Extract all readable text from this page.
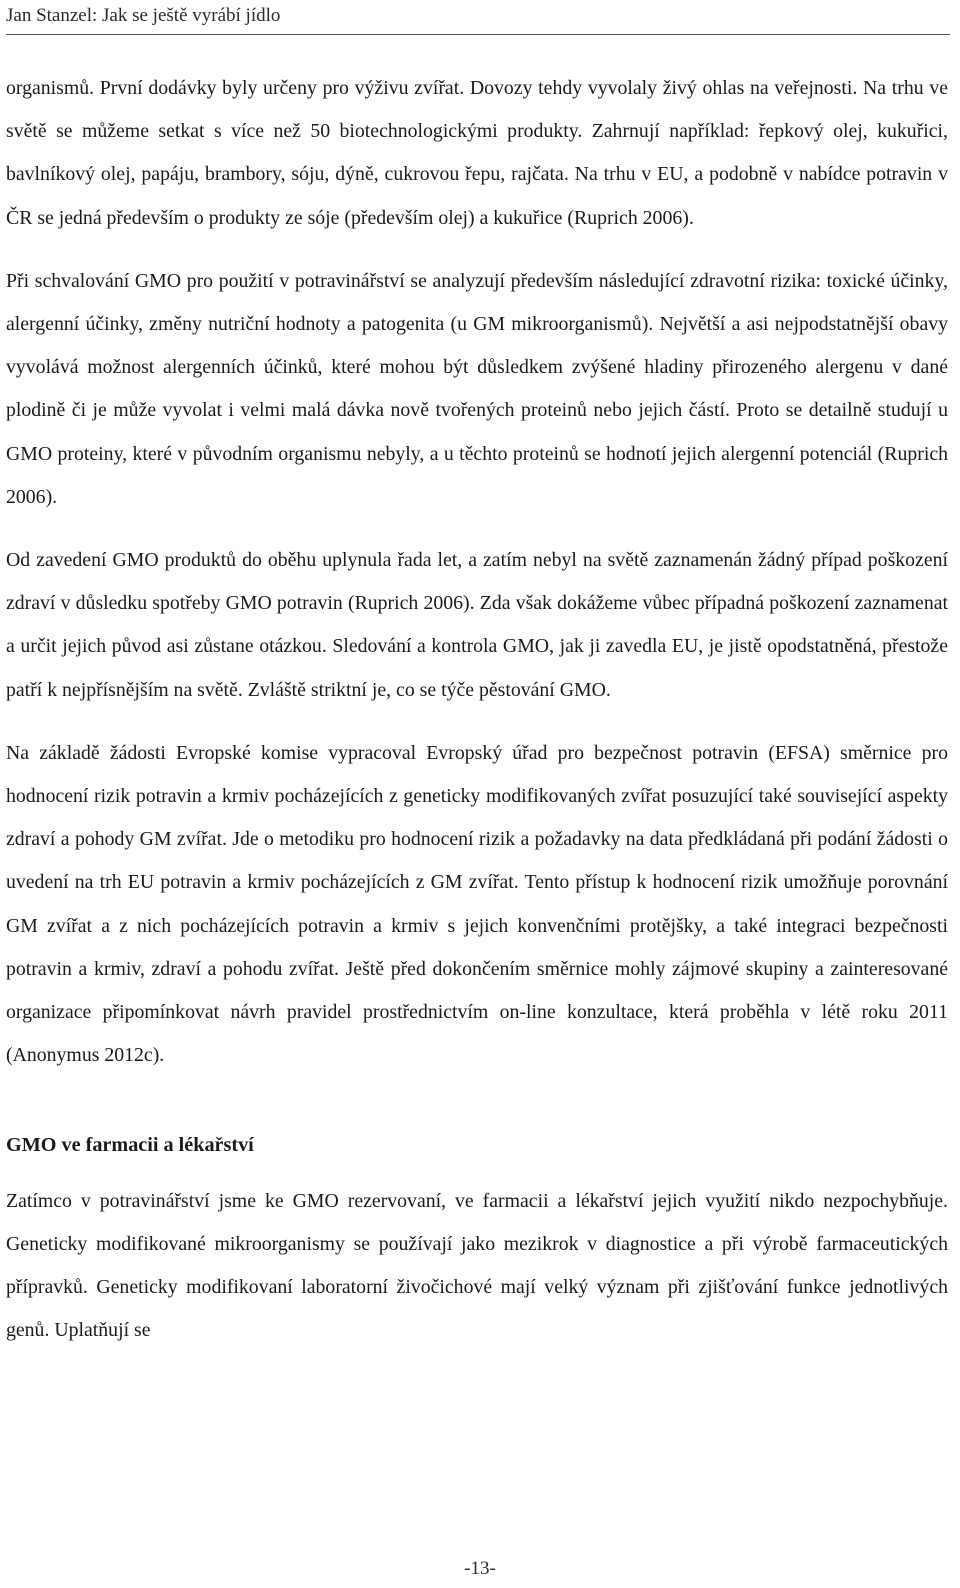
Jan Stanzel: Jak se ještě vyrábí jídlo

organismů. První dodávky byly určeny pro výživu zvířat. Dovozy tehdy vyvolaly živý ohlas na veřejnosti. Na trhu ve světě se můžeme setkat s více než 50 biotechnologickými produkty. Zahrnují například: řepkový olej, kukuřici, bavlníkový olej, papáju, brambory, sóju, dýně, cukrovou řepu, rajčata. Na trhu v EU, a podobně v nabídce potravin v ČR se jedná především o produkty ze sóje (především olej) a kukuřice (Ruprich 2006).

Při schvalování GMO pro použití v potravinářství se analyzují především následující zdravotní rizika: toxické účinky, alergenní účinky, změny nutriční hodnoty a patogenita (u GM mikroorganismů). Největší a asi nejpodstatnější obavy vyvolává možnost alergenních účinků, které mohou být důsledkem zvýšené hladiny přirozeného alergenu v dané plodině či je může vyvolat i velmi malá dávka nově tvořených proteinů nebo jejich částí. Proto se detailně studují u GMO proteiny, které v původním organismu nebyly, a u těchto proteinů se hodnotí jejich alergenní potenciál (Ruprich 2006).

Od zavedení GMO produktů do oběhu uplynula řada let, a zatím nebyl na světě zaznamenán žádný případ poškození zdraví v důsledku spotřeby GMO potravin (Ruprich 2006). Zda však dokážeme vůbec případná poškození zaznamenat a určit jejich původ asi zůstane otázkou. Sledování a kontrola GMO, jak ji zavedla EU, je jistě opodstatněná, přestože patří k nejpřísnějším na světě. Zvláště striktní je, co se týče pěstování GMO.

Na základě žádosti Evropské komise vypracoval Evropský úřad pro bezpečnost potravin (EFSA) směrnice pro hodnocení rizik potravin a krmiv pocházejících z geneticky modifikovaných zvířat posuzující také související aspekty zdraví a pohody GM zvířat. Jde o metodiku pro hodnocení rizik a požadavky na data předkládaná při podání žádosti o uvedení na trh EU potravin a krmiv pocházejících z GM zvířat. Tento přístup k hodnocení rizik umožňuje porovnání GM zvířat a z nich pocházejících potravin a krmiv s jejich konvenčními protějšky, a také integraci bezpečnosti potravin a krmiv, zdraví a pohodu zvířat. Ještě před dokončením směrnice mohly zájmové skupiny a zainteresované organizace připomínkovat návrh pravidel prostřednictvím on-line konzultace, která proběhla v létě roku 2011 (Anonymus 2012c).

GMO ve farmacii a lékařství

Zatímco v potravinářství jsme ke GMO rezervovaní, ve farmacii a lékařství jejich využití nikdo nezpochybňuje. Geneticky modifikované mikroorganismy se používají jako mezikrok v diagnostice a při výrobě farmaceutických přípravků. Geneticky modifikovaní laboratorní živočichové mají velký význam při zjišťování funkce jednotlivých genů. Uplatňují se

-13-
